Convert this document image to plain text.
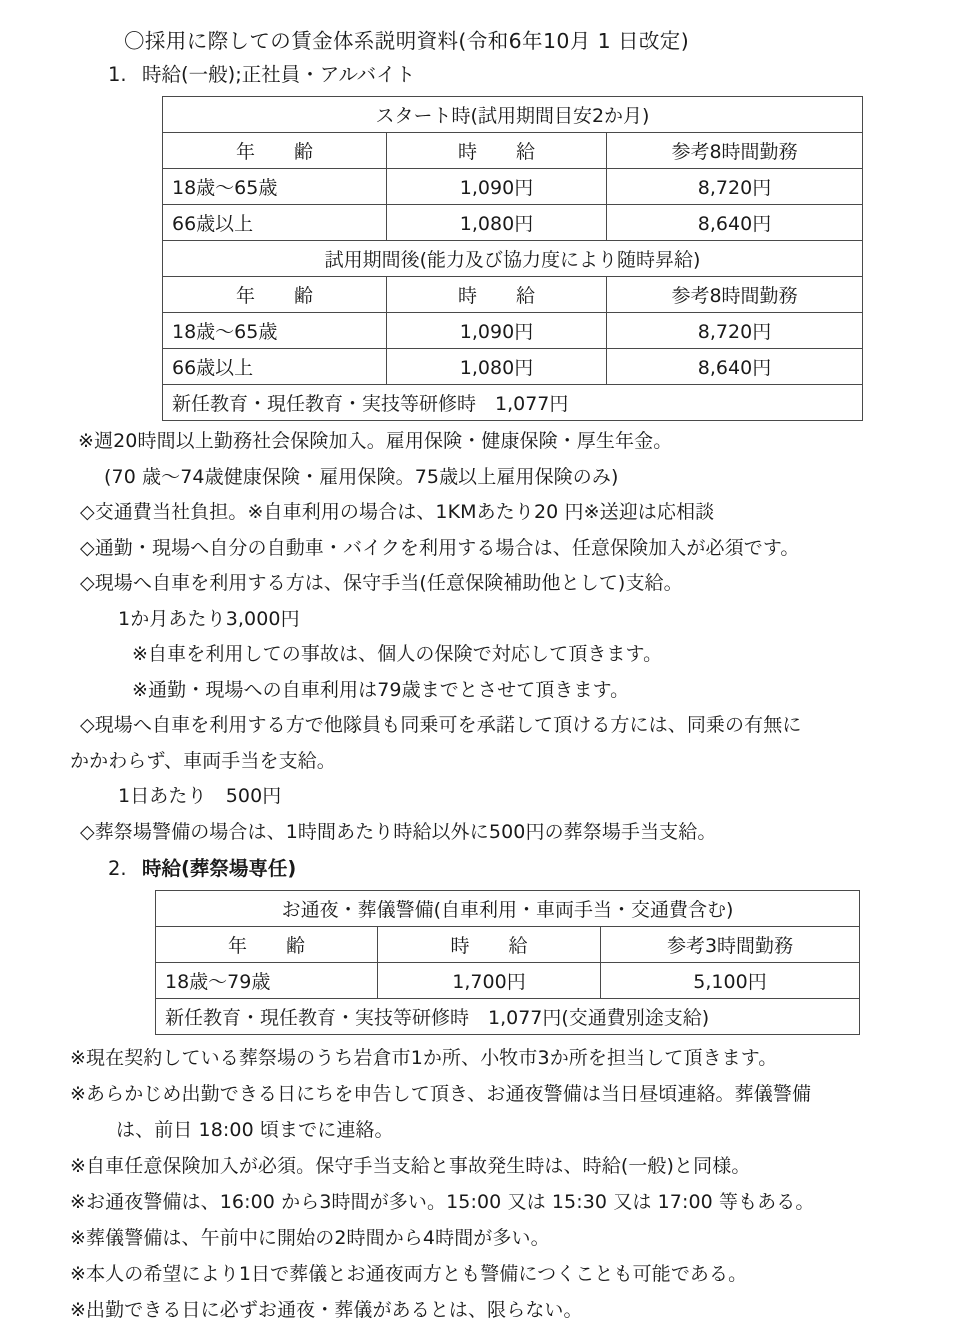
〇採用に際しての賃金体系説明資料(令和6年10月 1 日改定)
1. 時給(一般);正社員・アルバイト
スタート時(試用期間目安2か月)		
年　齢	時　給	参考8時間勤務
18歳〜65歳	1,090円	8,720円
66歳以上	1,080円	8,640円
試用期間後(能力及び協力度により随時昇給)		
年　齢	時　給	参考8時間勤務
18歳〜65歳	1,090円	8,720円
66歳以上	1,080円	8,640円
新任教育・現任教育・実技等研修時　1,077円		

※週20時間以上勤務社会保険加入。雇用保険・健康保険・厚生年金。

(70 歳〜74歳健康保険・雇用保険。75歳以上雇用保険のみ)

◇交通費当社負担。※自車利用の場合は、1KMあたり20 円※送迎は応相談

◇通勤・現場へ自分の自動車・バイクを利用する場合は、任意保険加入が必須です。

◇現場へ自車を利用する方は、保守手当(任意保険補助他として)支給。

1か月あたり3,000円

※自車を利用しての事故は、個人の保険で対応して頂きます。

※通勤・現場への自車利用は79歳までとさせて頂きます。

◇現場へ自車を利用する方で他隊員も同乗可を承諾して頂ける方には、同乗の有無に

かかわらず、車両手当を支給。

1日あたり　500円

◇葬祭場警備の場合は、1時間あたり時給以外に500円の葬祭場手当支給。

2. 時給(葬祭場専任)
お通夜・葬儀警備(自車利用・車両手当・交通費含む)		
年　齢	時　給	参考3時間勤務
18歳〜79歳	1,700円	5,100円
新任教育・現任教育・実技等研修時　1,077円(交通費別途支給)		

※現在契約している葬祭場のうち岩倉市1か所、小牧市3か所を担当して頂きます。

※あらかじめ出勤できる日にちを申告して頂き、お通夜警備は当日昼頃連絡。葬儀警備

は、前日 18:00 頃までに連絡。

※自車任意保険加入が必須。保守手当支給と事故発生時は、時給(一般)と同様。

※お通夜警備は、16:00 から3時間が多い。15:00 又は 15:30 又は 17:00 等もある。

※葬儀警備は、午前中に開始の2時間から4時間が多い。

※本人の希望により1日で葬儀とお通夜両方とも警備につくことも可能である。

※出勤できる日に必ずお通夜・葬儀があるとは、限らない。
